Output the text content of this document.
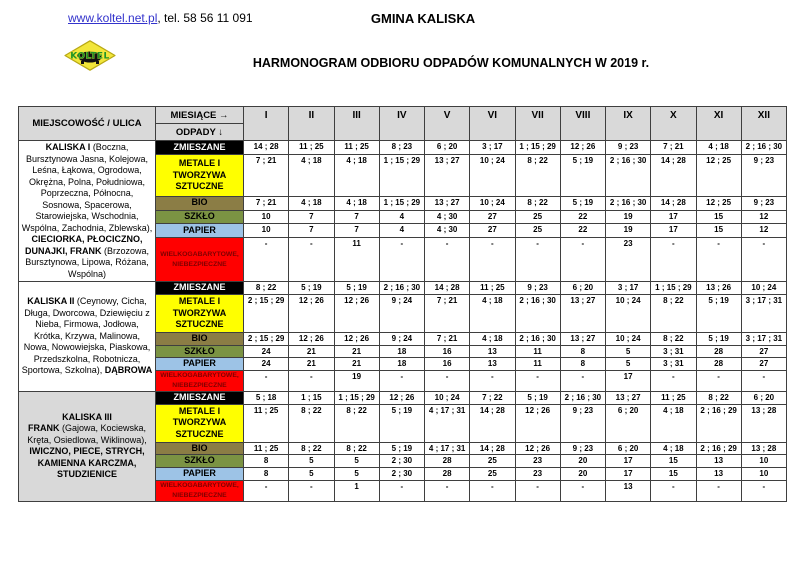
www.koltel.net.pl, tel. 58 56 11 091	GMINA KALISKA
KOLTEL	HARMONOGRAM ODBIORU ODPADÓW KOMUNALNYCH W 2019 r.
MIEJSCOWOŚĆ / ULICA	MIESIĄCE →	I	II	III	IV	V	VI	VII	VIII	IX	X	XI	XII
	ODPADY ↓												
KALISKA I (Boczna, Bursztynowa Jasna, Kolejowa, Leśna, Łąkowa, Ogrodowa, Okrężna, Polna, Południowa, Poprzeczna, Północna, Sosnowa, Spacerowa, Starowiejska, Wschodnia, Wspólna, Zachodnia, Zblewska), CIECIORKA, PŁOCICZNO, DUNAJKI, FRANK (Brzozowa, Bursztynowa, Lipowa, Różana, Wspólna)	ZMIESZANE	14 ; 28	11 ; 25	11 ; 25	8 ; 23	6 ; 20	3 ; 17	1 ; 15 ; 29	12 ; 26	9 ; 23	7 ; 21	4 ; 18	2 ; 16 ; 30
	METALE I TWORZYWA SZTUCZNE	7 ; 21	4 ; 18	4 ; 18	1 ; 15 ; 29	13 ; 27	10 ; 24	8 ; 22	5 ; 19	2 ; 16 ; 30	14 ; 28	12 ; 25	9 ; 23
	BIO	7 ; 21	4 ; 18	4 ; 18	1 ; 15 ; 29	13 ; 27	10 ; 24	8 ; 22	5 ; 19	2 ; 16 ; 30	14 ; 28	12 ; 25	9 ; 23
	SZKŁO	10	7	7	4	4 ; 30	27	25	22	19	17	15	12
	PAPIER	10	7	7	4	4 ; 30	27	25	22	19	17	15	12
	WIELKOGABARYTOWE, NIEBEZPIECZNE	-	-	11	-	-	-	-	-	23	-	-	-
KALISKA II (Ceynowy, Cicha, Długa, Dworcowa, Dziewięciu z Nieba, Firmowa, Jodłowa, Krótka, Krzywa, Malinowa, Nowa, Nowowiejska, Piaskowa, Przedszkolna, Robotnicza, Sportowa, Szkolna), DĄBROWA	ZMIESZANE	8 ; 22	5 ; 19	5 ; 19	2 ; 16 ; 30	14 ; 28	11 ; 25	9 ; 23	6 ; 20	3 ; 17	1 ; 15 ; 29	13 ; 26	10 ; 24
	METALE I TWORZYWA SZTUCZNE	2 ; 15 ; 29	12 ; 26	12 ; 26	9 ; 24	7 ; 21	4 ; 18	2 ; 16 ; 30	13 ; 27	10 ; 24	8 ; 22	5 ; 19	3 ; 17 ; 31
	BIO	2 ; 15 ; 29	12 ; 26	12 ; 26	9 ; 24	7 ; 21	4 ; 18	2 ; 16 ; 30	13 ; 27	10 ; 24	8 ; 22	5 ; 19	3 ; 17 ; 31
	SZKŁO	24	21	21	18	16	13	11	8	5	3 ; 31	28	27
	PAPIER	24	21	21	18	16	13	11	8	5	3 ; 31	28	27
	WIELKOGABARYTOWE, NIEBEZPIECZNE	-	-	19	-	-	-	-	-	17	-	-	-
KALISKA III
FRANK (Gajowa, Kociewska, Kręta, Osiedlowa, Wiklinowa), IWICZNO, PIECE, STRYCH, KAMIENNA KARCZMA, STUDZIENICE	ZMIESZANE	5 ; 18	1 ; 15	1 ; 15 ; 29	12 ; 26	10 ; 24	7 ; 22	5 ; 19	2 ; 16 ; 30	13 ; 27	11 ; 25	8 ; 22	6 ; 20
	METALE I TWORZYWA SZTUCZNE	11 ; 25	8 ; 22	8 ; 22	5 ; 19	4 ; 17 ; 31	14 ; 28	12 ; 26	9 ; 23	6 ; 20	4 ; 18	2 ; 16 ; 29	13 ; 28
	BIO	11 ; 25	8 ; 22	8 ; 22	5 ; 19	4 ; 17 ; 31	14 ; 28	12 ; 26	9 ; 23	6 ; 20	4 ; 18	2 ; 16 ; 29	13 ; 28
	SZKŁO	8	5	5	2 ; 30	28	25	23	20	17	15	13	10
	PAPIER	8	5	5	2 ; 30	28	25	23	20	17	15	13	10
	WIELKOGABARYTOWE, NIEBEZPIECZNE	-	-	1	-	-	-	-	-	13	-	-	-
